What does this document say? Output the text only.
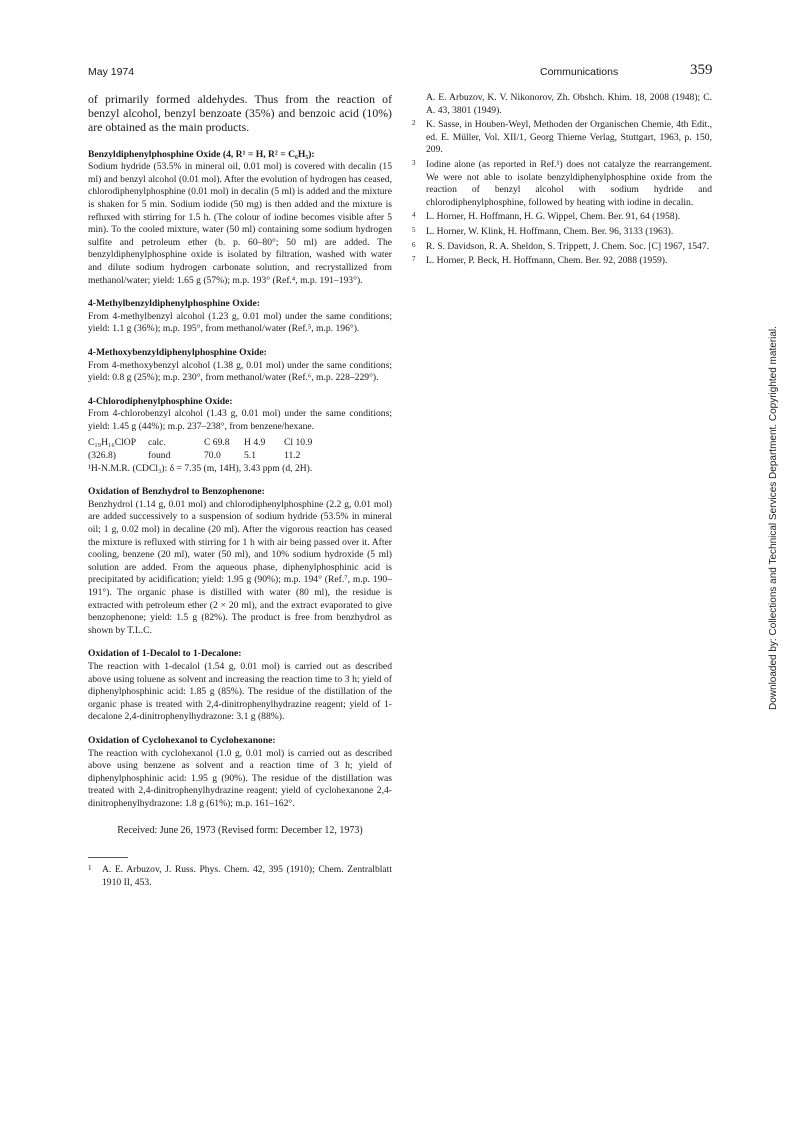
May 1974	Communications	359

of primarily formed aldehydes. Thus from the reaction of benzyl alcohol, benzyl benzoate (35%) and benzoic acid (10%) are obtained as the main products.

Benzyldiphenylphosphine Oxide (4, R¹ = H, R² = C₆H₅):

Sodium hydride (53.5% in mineral oil, 0.01 mol) is covered with decalin (15 ml) and benzyl alcohol (0.01 mol). After the evolution of hydrogen has ceased, chlorodiphenylphosphine (0.01 mol) in decalin (5 ml) is added and the mixture is shaken for 5 min. Sodium iodide (50 mg) is then added and the mixture is refluxed with stirring for 1.5 h. (The colour of iodine becomes visible after 5 min). To the cooled mixture, water (50 ml) containing some sodium hydrogen sulfite and petroleum ether (b. p. 60–80°; 50 ml) are added. The benzyldiphenylphosphine oxide is isolated by filtration, washed with water and dilute sodium hydrogen carbonate solution, and recrystallized from methanol/water; yield: 1.65 g (57%); m.p. 193° (Ref.⁴, m.p. 191–193°).

4-Methylbenzyldiphenylphosphine Oxide:

From 4-methylbenzyl alcohol (1.23 g, 0.01 mol) under the same conditions; yield: 1.1 g (36%); m.p. 195°, from methanol/water (Ref.⁵, m.p. 196°).

4-Methoxybenzyldiphenylphosphine Oxide:

From 4-methoxybenzyl alcohol (1.38 g, 0.01 mol) under the same conditions; yield: 0.8 g (25%); m.p. 230°, from methanol/water (Ref.⁶, m.p. 228–229°).

4-Chlorodiphenylphosphine Oxide:

From 4-chlorobenzyl alcohol (1.43 g, 0.01 mol) under the same conditions; yield: 1.45 g (44%); m.p. 237–238°, from benzene/hexane.

C₁₉H₁₆ClOP	calc.	C 69.8	H 4.9	Cl 10.9
(326.8)	found	70.0	5.1	11.2
¹H-N.M.R. (CDCl₃): δ = 7.35 (m, 14H), 3.43 ppm (d, 2H).

Oxidation of Benzhydrol to Benzophenone:

Benzhydrol (1.14 g, 0.01 mol) and chlorodiphenylphosphine (2.2 g, 0.01 mol) are added successively to a suspension of sodium hydride (53.5% in mineral oil; 1 g, 0.02 mol) in decaline (20 ml). After the vigorous reaction has ceased the mixture is refluxed with stirring for 1 h with air being passed over it. After cooling, benzene (20 ml), water (50 ml), and 10% sodium hydroxide (5 ml) solution are added. From the aqueous phase, diphenylphosphinic acid is precipitated by acidification; yield: 1.95 g (90%); m.p. 194° (Ref.⁷, m.p. 190–191°). The organic phase is distilled with water (80 ml), the residue is extracted with petroleum ether (2 × 20 ml), and the extract evaporated to give benzophenone; yield: 1.5 g (82%). The product is free from benzhydrol as shown by T.L.C.

Oxidation of 1-Decalol to 1-Decalone:

The reaction with 1-decalol (1.54 g, 0.01 mol) is carried out as described above using toluene as solvent and increasing the reaction time to 3 h; yield of diphenylphosphinic acid: 1.85 g (85%). The residue of the distillation of the organic phase is treated with 2,4-dinitrophenylhydrazine reagent; yield of 1-decalone 2,4-dinitrophenylhydrazone: 3.1 g (88%).

Oxidation of Cyclohexanol to Cyclohexanone:

The reaction with cyclohexanol (1.0 g, 0.01 mol) is carried out as described above using benzene as solvent and a reaction time of 3 h; yield of diphenylphosphinic acid: 1.95 g (90%). The residue of the distillation was treated with 2,4-dinitrophenylhydrazine reagent; yield of cyclohexanone 2,4-dinitrophenylhydrazone: 1.8 g (61%); m.p. 161–162°.

Received: June 26, 1973 (Revised form: December 12, 1973)
1 A. E. Arbuzov, J. Russ. Phys. Chem. 42, 395 (1910); Chem. Zentralblatt 1910 II, 453.
A. E. Arbuzov, K. V. Nikonorov, Zh. Obshch. Khim. 18, 2008 (1948); C. A. 43, 3801 (1949).
2 K. Sasse, in Houben-Weyl, Methoden der Organischen Chemie, 4th Edit., ed. E. Müller, Vol. XII/1, Georg Thieme Verlag, Stuttgart, 1963, p. 150, 209.
3 Iodine alone (as reported in Ref.¹) does not catalyze the rearrangement. We were not able to isolate benzyldiphenylphosphine oxide from the reaction of benzyl alcohol with sodium hydride and chlorodiphenylphosphine, followed by heating with iodine in decalin.
4 L. Horner, H. Hoffmann, H. G. Wippel, Chem. Ber. 91, 64 (1958).
5 L. Horner, W. Klink, H. Hoffmann, Chem. Ber. 96, 3133 (1963).
6 R. S. Davidson, R. A. Sheldon, S. Trippett, J. Chem. Soc. [C] 1967, 1547.
7 L. Horner, P. Beck, H. Hoffmann, Chem. Ber. 92, 2088 (1959).
Downloaded by: Collections and Technical Services Department. Copyrighted material.
